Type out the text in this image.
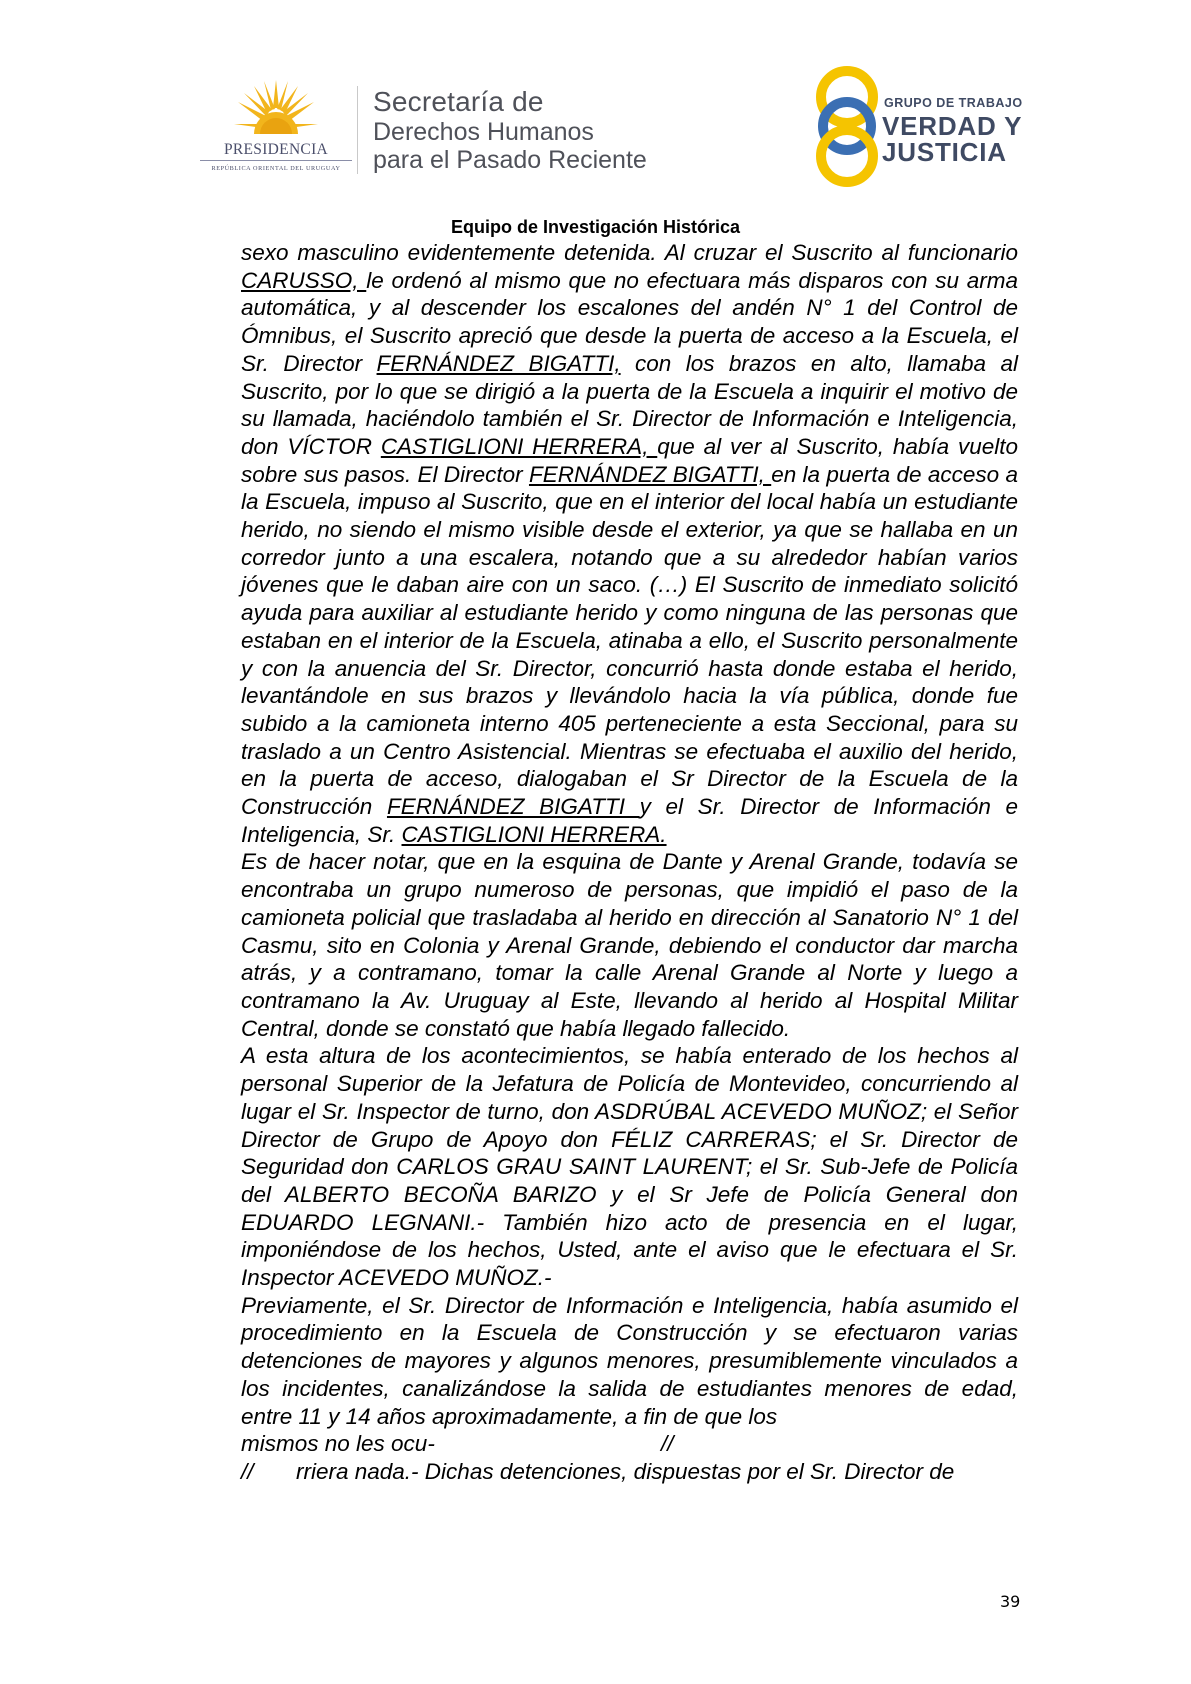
PRESIDENCIA
REPÚBLICA ORIENTAL DEL URUGUAY
Secretaría de
Derechos Humanos
para el Pasado Reciente
GRUPO DE TRABAJO
VERDAD Y
JUSTICIA
Equipo de Investigación Histórica

sexo masculino evidentemente detenida. Al cruzar el Suscrito al funcionario CARUSSO, le ordenó al mismo que no efectuara más disparos con su arma automática, y al descender los escalones del andén N° 1 del Control de Ómnibus, el Suscrito apreció que desde la puerta de acceso a la Escuela, el Sr. Director FERNÁNDEZ BIGATTI, con los brazos en alto, llamaba al Suscrito, por lo que se dirigió a la puerta de la Escuela a inquirir el motivo de su llamada, haciéndolo también el Sr. Director de Información e Inteligencia, don VÍCTOR CASTIGLIONI HERRERA, que al ver al Suscrito, había vuelto sobre sus pasos. El Director FERNÁNDEZ BIGATTI, en la puerta de acceso a la Escuela, impuso al Suscrito, que en el interior del local había un estudiante herido, no siendo el mismo visible desde el exterior, ya que se hallaba en un corredor junto a una escalera, notando que a su alrededor habían varios jóvenes que le daban aire con un saco. (…) El Suscrito de inmediato solicitó ayuda para auxiliar al estudiante herido y como ninguna de las personas que estaban en el interior de la Escuela, atinaba a ello, el Suscrito personalmente y con la anuencia del Sr. Director, concurrió hasta donde estaba el herido, levantándole en sus brazos y llevándolo hacia la vía pública, donde fue subido a la camioneta interno 405 perteneciente a esta Seccional, para su traslado a un Centro Asistencial. Mientras se efectuaba el auxilio del herido, en la puerta de acceso, dialogaban el Sr Director de la Escuela de la Construcción FERNÁNDEZ BIGATTI y el Sr. Director de Información e Inteligencia, Sr. CASTIGLIONI HERRERA.

Es de hacer notar, que en la esquina de Dante y Arenal Grande, todavía se encontraba un grupo numeroso de personas, que impidió el paso de la camioneta policial que trasladaba al herido en dirección al Sanatorio N° 1 del Casmu, sito en Colonia y Arenal Grande, debiendo el conductor dar marcha atrás, y a contramano, tomar la calle Arenal Grande al Norte y luego a contramano la Av. Uruguay al Este, llevando al herido al Hospital Militar Central, donde se constató que había llegado fallecido.

A esta altura de los acontecimientos, se había enterado de los hechos al personal Superior de la Jefatura de Policía de Montevideo, concurriendo al lugar el Sr. Inspector de turno, don ASDRÚBAL ACEVEDO MUÑOZ; el Señor Director de Grupo de Apoyo don FÉLIZ CARRERAS; el Sr. Director de Seguridad don CARLOS GRAU SAINT LAURENT; el Sr. Sub-Jefe de Policía del ALBERTO BECOÑA BARIZO y el Sr Jefe de Policía General don EDUARDO LEGNANI.- También hizo acto de presencia en el lugar, imponiéndose de los hechos, Usted, ante el aviso que le efectuara el Sr. Inspector ACEVEDO MUÑOZ.-

Previamente, el Sr. Director de Información e Inteligencia, había asumido el procedimiento en la Escuela de Construcción y se efectuaron varias detenciones de mayores y algunos menores, presumiblemente vinculados a los incidentes, canalizándose la salida de estudiantes menores de edad, entre 11 y 14 años aproximadamente, a fin de que los

mismos no les ocu-	//
//	rriera nada.- Dichas detenciones, dispuestas por el Sr. Director de
39
